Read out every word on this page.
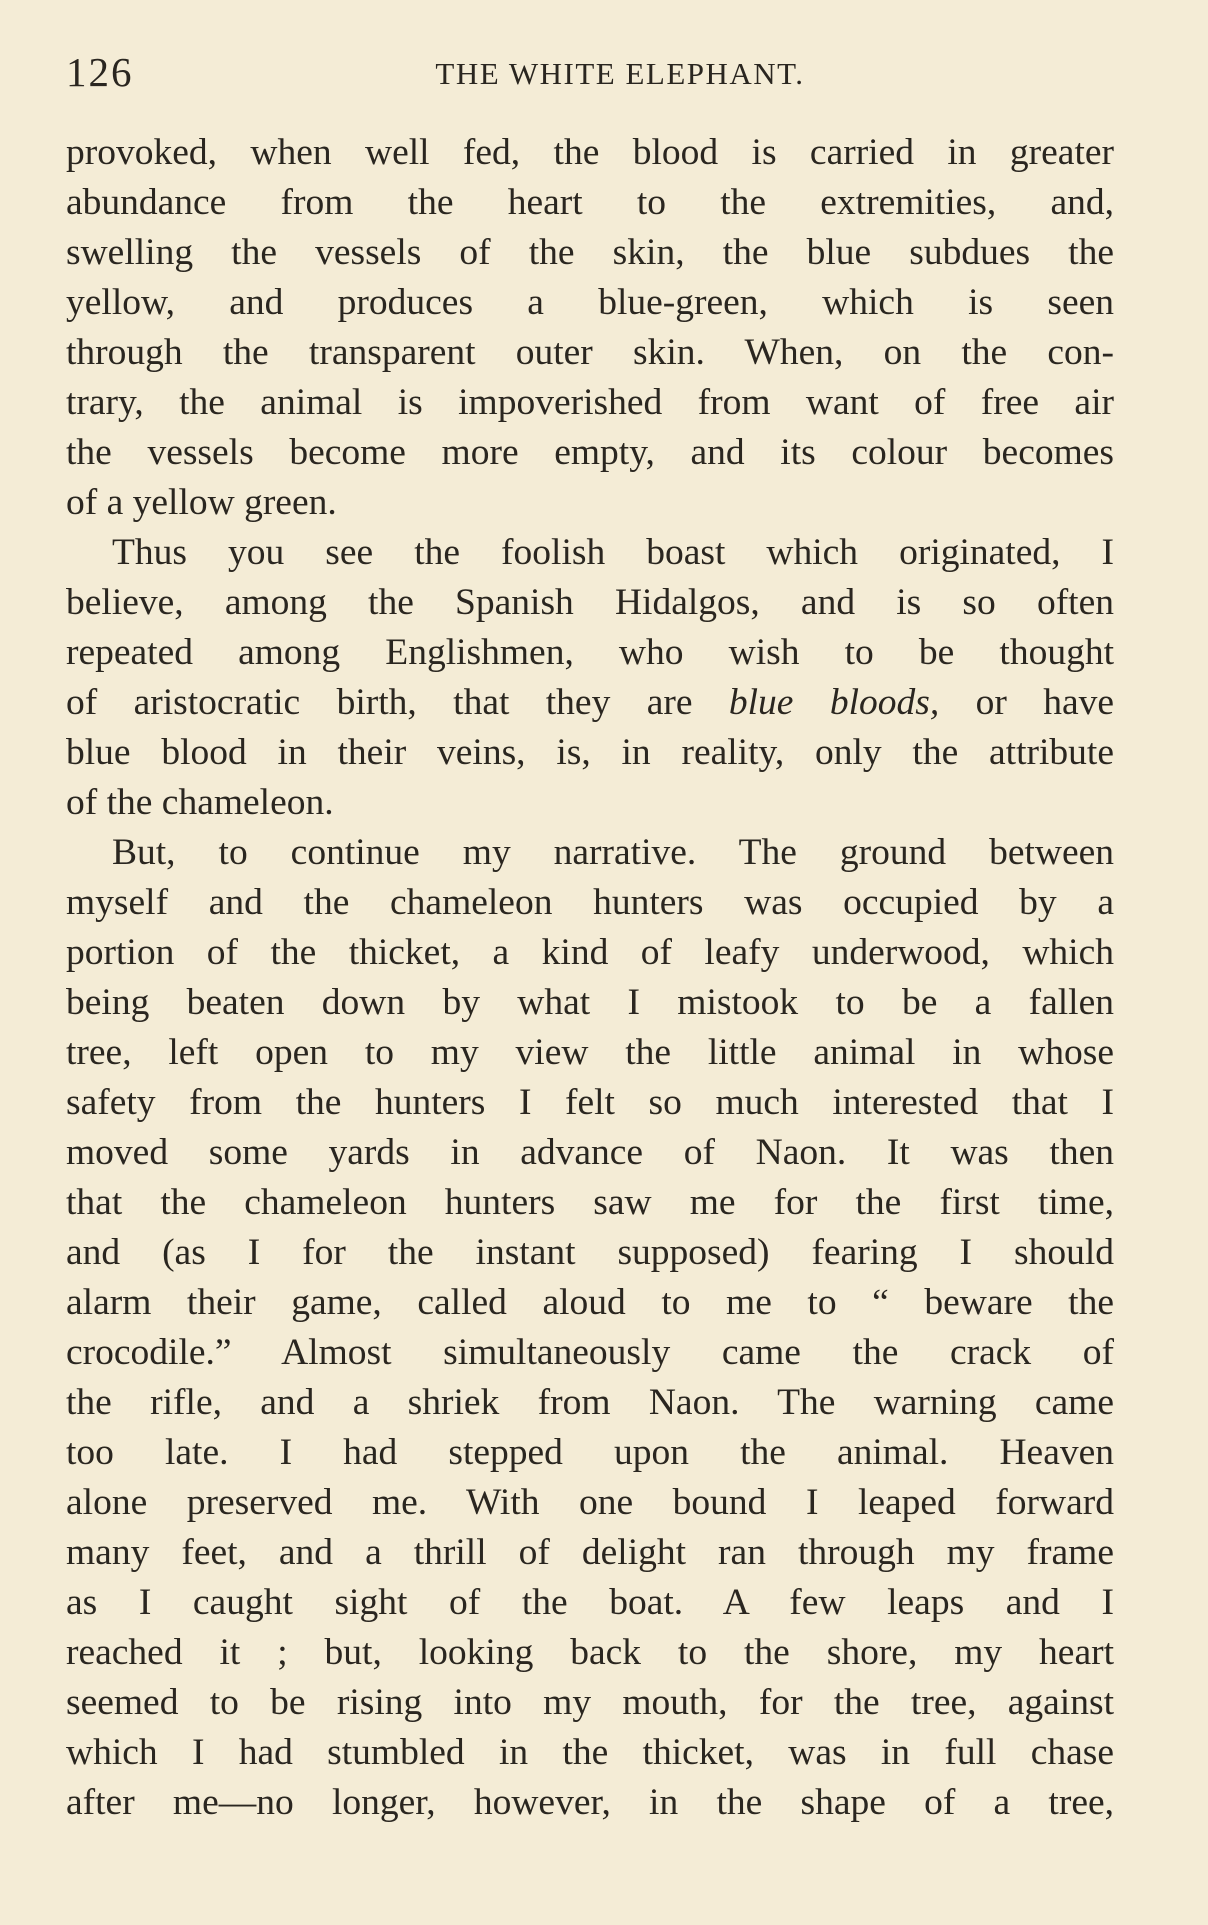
126	THE WHITE ELEPHANT.
provoked, when well fed, the blood is carried in greater
abundance from the heart to the extremities, and,
swelling the vessels of the skin, the blue subdues the
yellow, and produces a blue-green, which is seen
through the transparent outer skin. When, on the con-
trary, the animal is impoverished from want of free air
the vessels become more empty, and its colour becomes
of a yellow green.
Thus you see the foolish boast which originated, I
believe, among the Spanish Hidalgos, and is so often
repeated among Englishmen, who wish to be thought
of aristocratic birth, that they are blue bloods, or have
blue blood in their veins, is, in reality, only the attribute
of the chameleon.
But, to continue my narrative. The ground between
myself and the chameleon hunters was occupied by a
portion of the thicket, a kind of leafy underwood, which
being beaten down by what I mistook to be a fallen
tree, left open to my view the little animal in whose
safety from the hunters I felt so much interested that I
moved some yards in advance of Naon. It was then
that the chameleon hunters saw me for the first time,
and (as I for the instant supposed) fearing I should
alarm their game, called aloud to me to “ beware the
crocodile.” Almost simultaneously came the crack of
the rifle, and a shriek from Naon. The warning came
too late. I had stepped upon the animal. Heaven
alone preserved me. With one bound I leaped forward
many feet, and a thrill of delight ran through my frame
as I caught sight of the boat. A few leaps and I
reached it ; but, looking back to the shore, my heart
seemed to be rising into my mouth, for the tree, against
which I had stumbled in the thicket, was in full chase
after me—no longer, however, in the shape of a tree,
